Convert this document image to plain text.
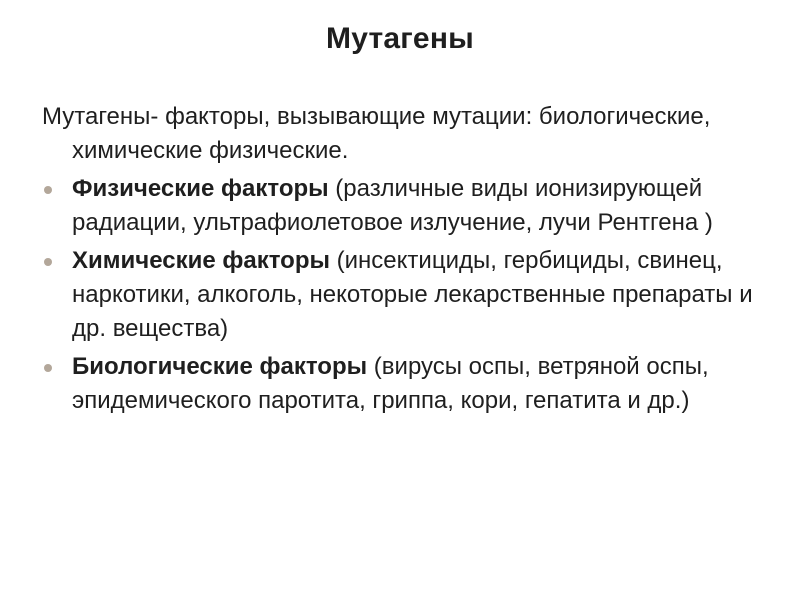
Мутагены

Мутагены- факторы, вызывающие мутации: биологические, химические физические.

Физические факторы (различные виды ионизирующей радиации, ультрафиолетовое излучение, лучи Рентгена )
Химические факторы (инсектициды, гербициды, свинец, наркотики, алкоголь, некоторые лекарственные препараты и др. вещества)
Биологические факторы (вирусы оспы, ветряной оспы, эпидемического паротита, гриппа, кори, гепатита и др.)
